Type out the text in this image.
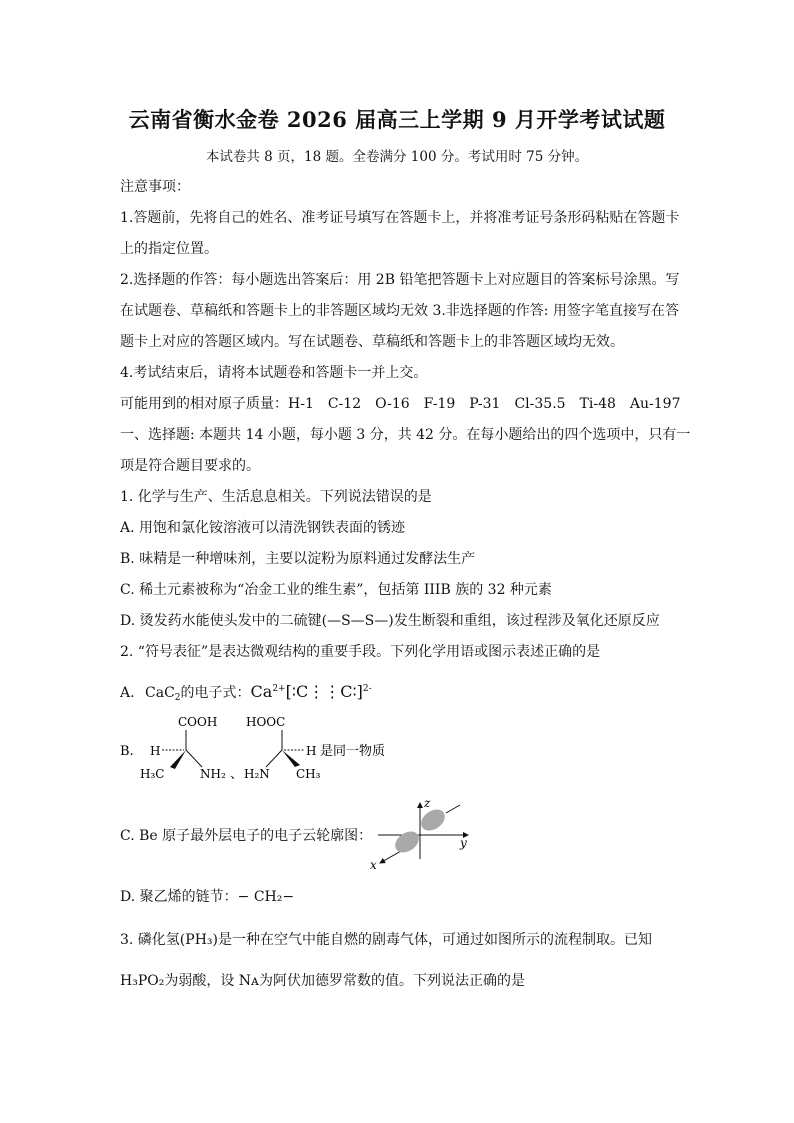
云南省衡水金卷 2026 届高三上学期 9 月开学考试试题
本试卷共 8 页，18 题。全卷满分 100 分。考试用时 75 分钟。
注意事项：
1.答题前，先将自己的姓名、准考证号填写在答题卡上，并将准考证号条形码粘贴在答题卡
上的指定位置。
2.选择题的作答：每小题选出答案后：用 2B 铅笔把答题卡上对应题目的答案标号涂黑。写
在试题卷、草稿纸和答题卡上的非答题区域均无效 3.非选择题的作答: 用签字笔直接写在答
题卡上对应的答题区域内。写在试题卷、草稿纸和答题卡上的非答题区域均无效。
4.考试结束后，请将本试题卷和答题卡一并上交。
可能用到的相对原子质量：H-1　C-12　O-16　F-19　P-31　Cl-35.5　Ti-48　Au-197
一、选择题: 本题共 14 小题，每小题 3 分，共 42 分。在每小题给出的四个选项中，只有一
项是符合题目要求的。
1. 化学与生产、生活息息相关。下列说法错误的是
A. 用饱和氯化铵溶液可以清洗钢铁表面的锈迹
B. 味精是一种增味剂，主要以淀粉为原料通过发酵法生产
C. 稀土元素被称为“冶金工业的维生素”，包括第 IIIB 族的 32 种元素
D. 烫发药水能使头发中的二硫键(—S—S—)发生断裂和重组，该过程涉及氧化还原反应
2. “符号表征”是表达微观结构的重要手段。下列化学用语或图示表述正确的是
A. CaC$_2$的电子式：$Ca^{2+}[∶C⋮⋮C∶]^{2-}$
B.
COOH
H
H₃C	NH₂ 、
HOOC
H
H₂N CH₃
是同一物质
C. Be 原子最外层电子的电子云轮廓图：
z
y
x
D. 聚乙烯的链节：− CH₂−
3. 磷化氢(PH₃)是一种在空气中能自燃的剧毒气体，可通过如图所示的流程制取。已知
H₃PO₂为弱酸，设 Nᴀ为阿伏加德罗常数的值。下列说法正确的是
